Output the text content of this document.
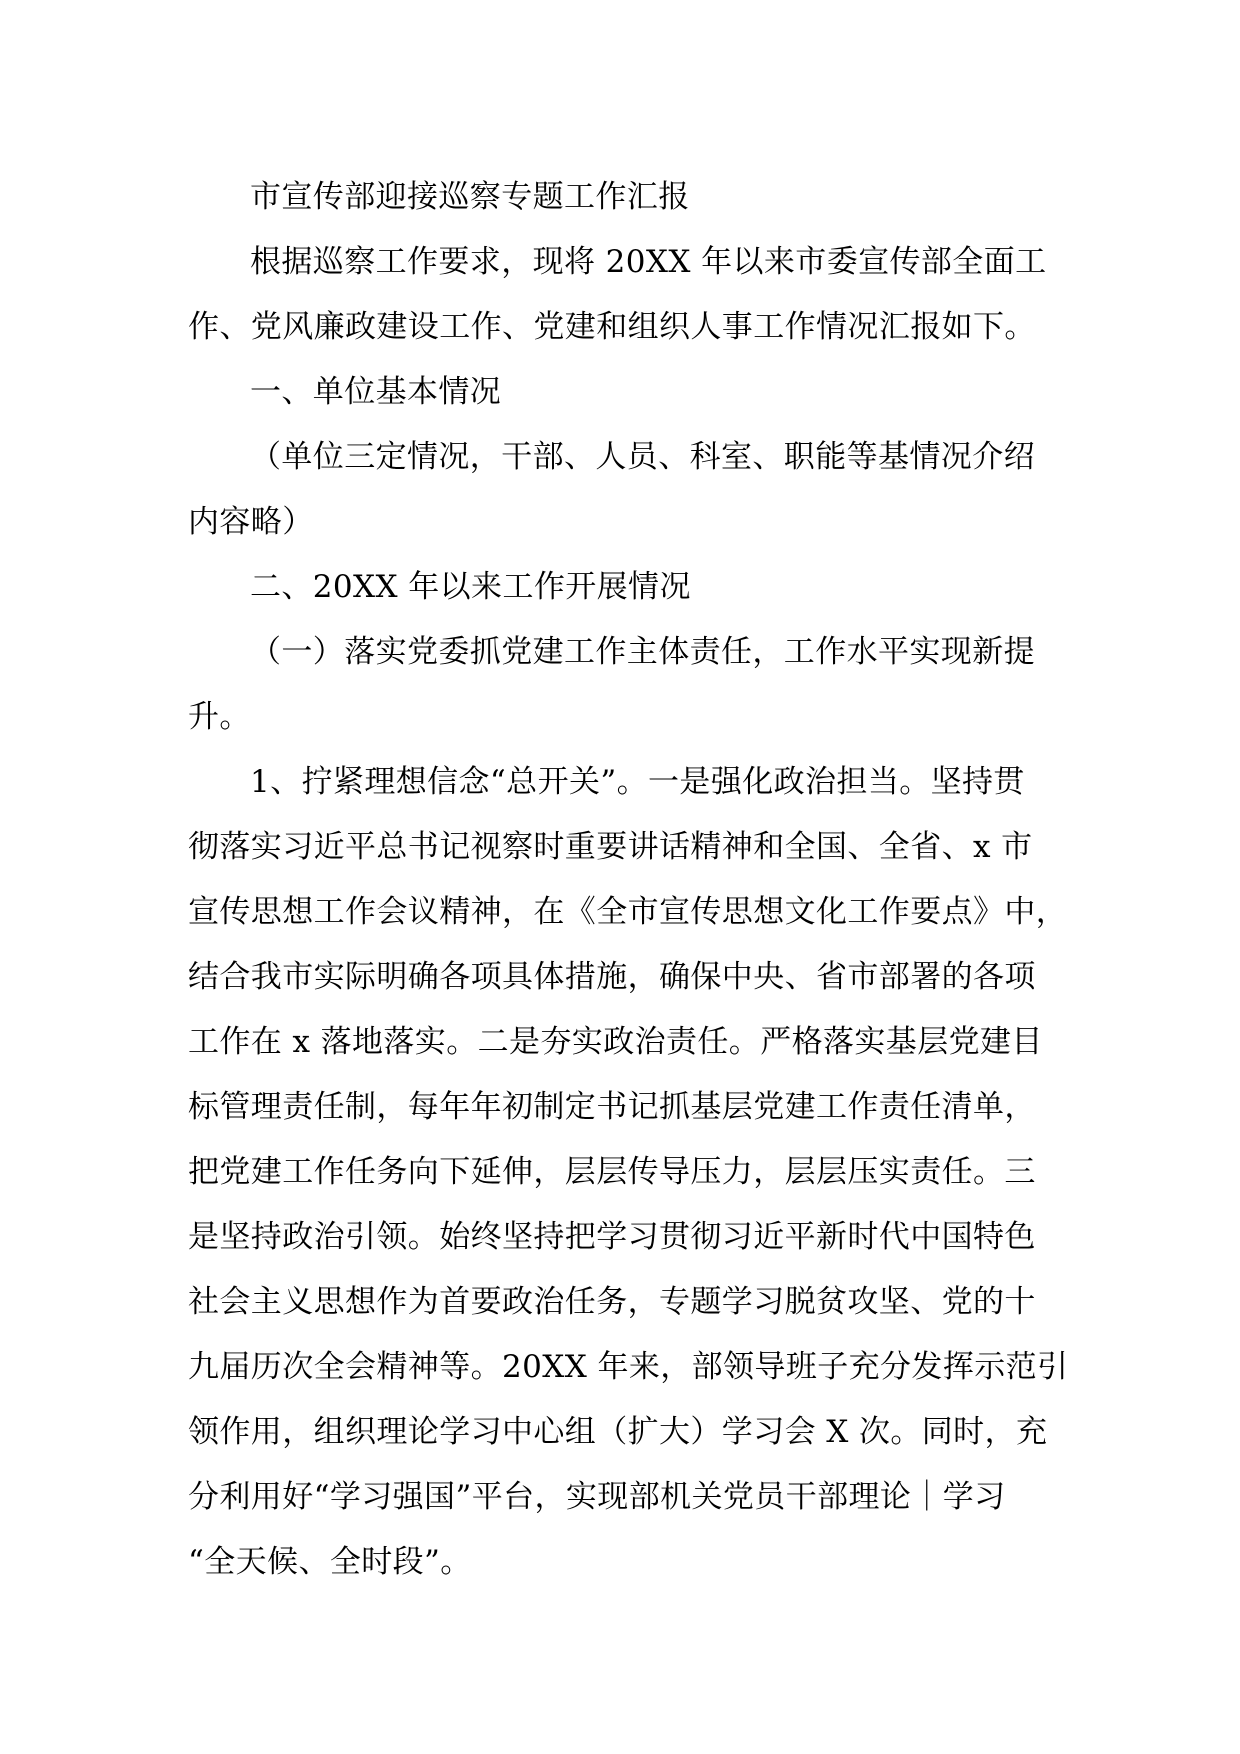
市宣传部迎接巡察专题工作汇报
根据巡察工作要求，现将 20XX 年以来市委宣传部全面工
作、党风廉政建设工作、党建和组织人事工作情况汇报如下。
一、单位基本情况
（单位三定情况，干部、人员、科室、职能等基情况介绍
内容略）
二、20XX 年以来工作开展情况
（一）落实党委抓党建工作主体责任，工作水平实现新提
升。
1、拧紧理想信念“总开关”。一是强化政治担当。坚持贯
彻落实习近平总书记视察时重要讲话精神和全国、全省、x 市
宣传思想工作会议精神，在《全市宣传思想文化工作要点》中，
结合我市实际明确各项具体措施，确保中央、省市部署的各项
工作在 x 落地落实。二是夯实政治责任。严格落实基层党建目
标管理责任制，每年年初制定书记抓基层党建工作责任清单，
把党建工作任务向下延伸，层层传导压力，层层压实责任。三
是坚持政治引领。始终坚持把学习贯彻习近平新时代中国特色
社会主义思想作为首要政治任务，专题学习脱贫攻坚、党的十
九届历次全会精神等。20XX 年来，部领导班子充分发挥示范引
领作用，组织理论学习中心组（扩大）学习会 X 次。同时，充
分利用好“学习强国”平台，实现部机关党员干部理论｜学习
“全天候、全时段”。
